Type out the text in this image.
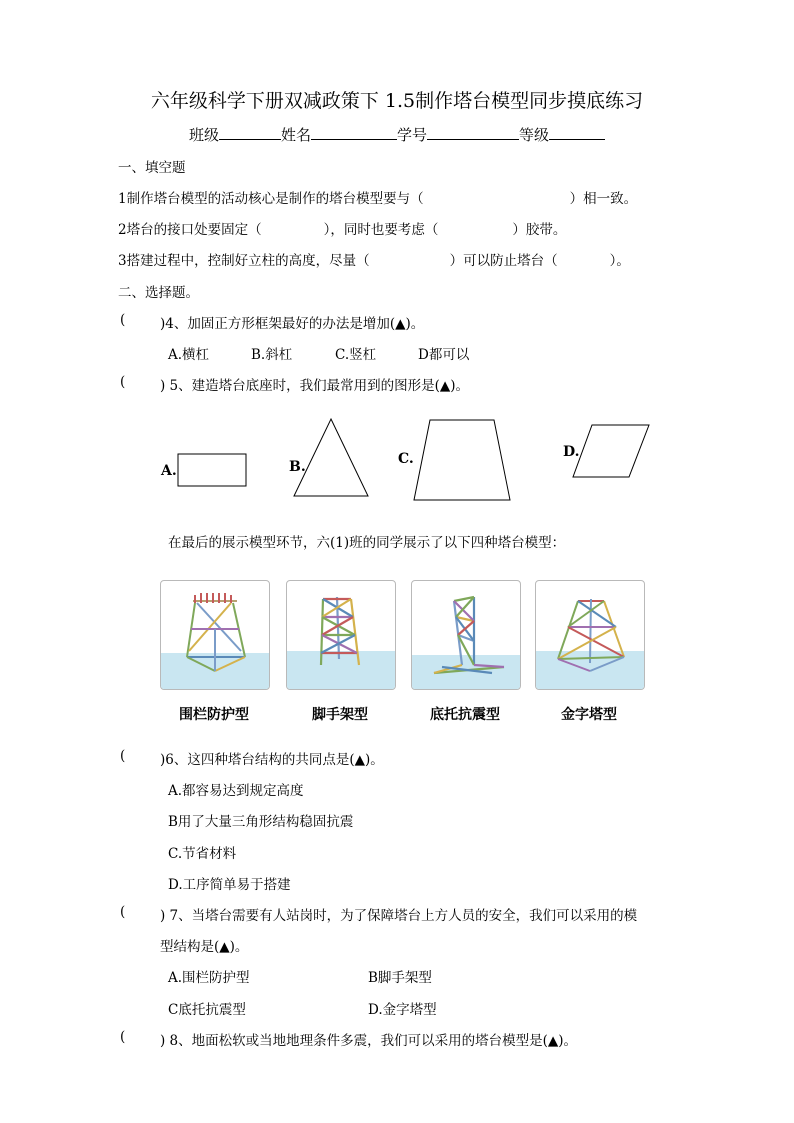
六年级科学下册双减政策下 1.5制作塔台模型同步摸底练习
班级	姓名	学号	等级
一、填空题
1制作塔台模型的活动核心是制作的塔台模型要与（	）相一致。
2塔台的接口处要固定（	），同时也要考虑（	）胶带。
3搭建过程中，控制好立柱的高度，尽量（	）可以防止塔台（	）。
二、选择题。
(	)4、加固正方形框架最好的办法是增加(▲)。
A.横杠	B.斜杠	C.竖杠	D都可以
(	) 5、建造塔台底座时，我们最常用到的图形是(▲)。
A.	B.	C.	D.
在最后的展示模型环节，六(1)班的同学展示了以下四种塔台模型：
围栏防护型	脚手架型	底托抗震型	金字塔型
(	)6、这四种塔台结构的共同点是(▲)。
A.都容易达到规定高度
B用了大量三角形结构稳固抗震
C.节省材料
D.工序简单易于搭建
(	) 7、当塔台需要有人站岗时，为了保障塔台上方人员的安全，我们可以采用的模
型结构是(▲)。
A.围栏防护型	B脚手架型
C底托抗震型	D.金字塔型
(	) 8、地面松软或当地地理条件多震，我们可以采用的塔台模型是(▲)。
